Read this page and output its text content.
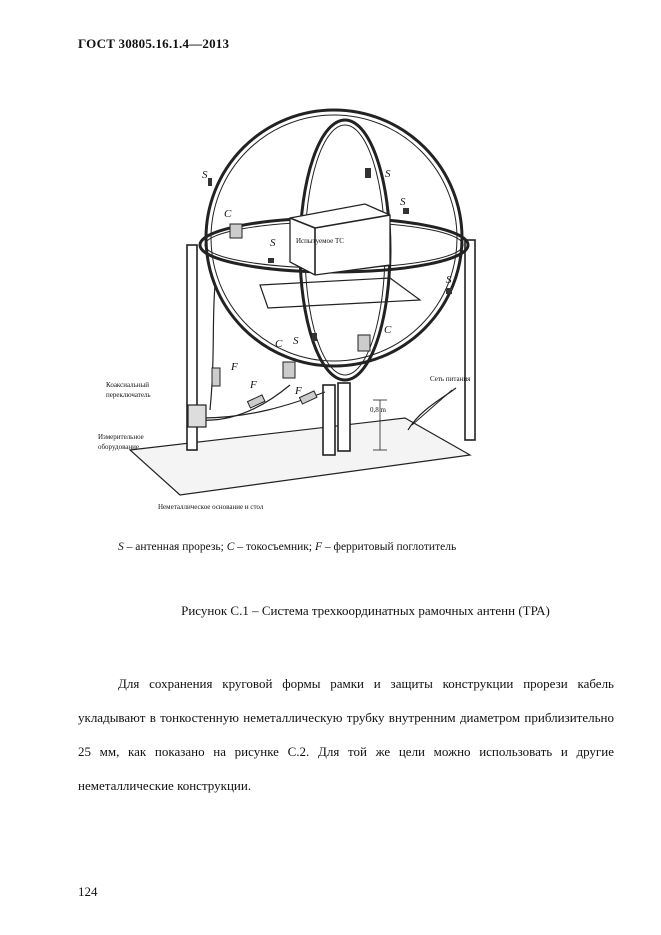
ГОСТ 30805.16.1.4—2013
S	S
S
S
S
S
C
C
C
F
F	F
Испытуемое ТС
Коаксиальный
переключатель
Измерительное
оборудование
Сеть питания
0,8 m
Неметаллическое основание и стол
S – антенная прорезь; C – токосъемник; F – ферритовый поглотитель
Рисунок С.1 – Система трехкоординатных рамочных антенн (ТРА)

Для сохранения круговой формы рамки и защиты конструкции прорези кабель укладывают в тонкостенную неметаллическую трубку внутренним диаметром приблизительно 25 мм, как показано на рисунке С.2. Для той же цели можно использовать и другие неметаллические конструкции.

124
